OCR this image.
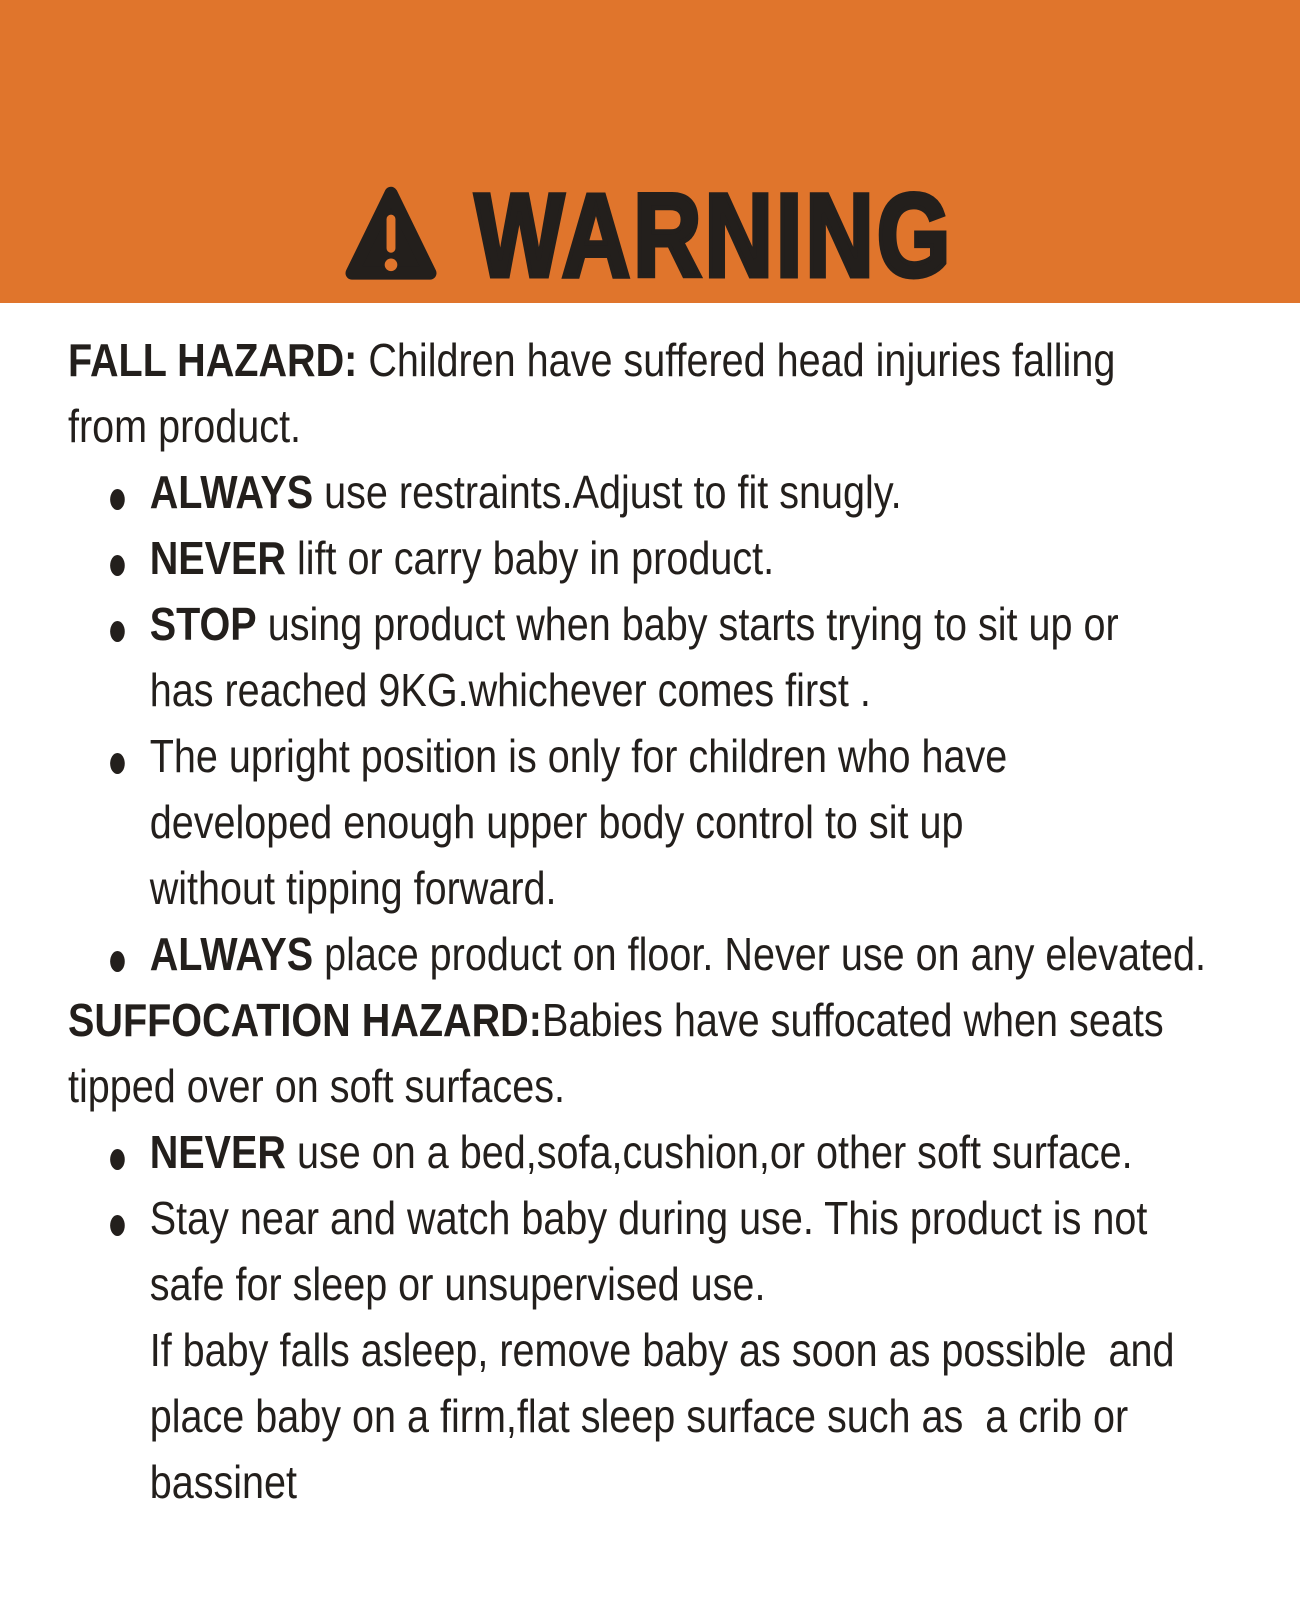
WARNING
FALL HAZARD: Children have suffered head injuries falling
from product.
ALWAYS use restraints.Adjust to fit snugly.
NEVER lift or carry baby in product.
STOP using product when baby starts trying to sit up or
has reached 9KG.whichever comes first .
The upright position is only for children who have
developed enough upper body control to sit up
without tipping forward.
ALWAYS place product on floor. Never use on any elevated.
SUFFOCATION HAZARD:Babies have suffocated when seats
tipped over on soft surfaces.
NEVER use on a bed,sofa,cushion,or other soft surface.
Stay near and watch baby during use. This product is not
safe for sleep or unsupervised use.
If baby falls asleep, remove baby as soon as possible  and
place baby on a firm,flat sleep surface such as  a crib or
bassinet
